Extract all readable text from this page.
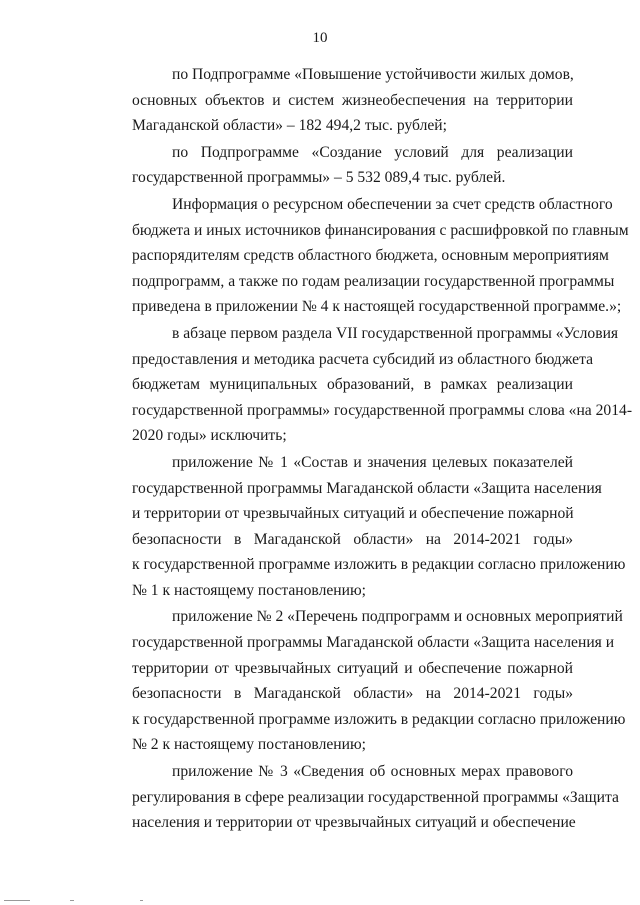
10
по Подпрограмме «Повышение устойчивости жилых домов,
основных объектов и систем жизнеобеспечения на территории
Магаданской области» – 182 494,2 тыс. рублей;
по Подпрограмме «Создание условий для реализации
государственной программы» – 5 532 089,4 тыс. рублей.
Информация о ресурсном обеспечении за счет средств областного
бюджета и иных источников финансирования с расшифровкой по главным
распорядителям средств областного бюджета, основным мероприятиям
подпрограмм, а также по годам реализации государственной программы
приведена в приложении № 4 к настоящей государственной программе.»;
в абзаце первом раздела VII государственной программы «Условия
предоставления и методика расчета субсидий из областного бюджета
бюджетам муниципальных образований, в рамках реализации
государственной программы» государственной программы слова «на 2014-
2020 годы» исключить;
приложение № 1 «Состав и значения целевых показателей
государственной программы Магаданской области «Защита населения
и территории от чрезвычайных ситуаций и обеспечение пожарной
безопасности в Магаданской области» на 2014-2021 годы»
к государственной программе изложить в редакции согласно приложению
№ 1 к настоящему постановлению;
приложение № 2 «Перечень подпрограмм и основных мероприятий
государственной программы Магаданской области «Защита населения и
территории от чрезвычайных ситуаций и обеспечение пожарной
безопасности в Магаданской области» на 2014-2021 годы»
к государственной программе изложить в редакции согласно приложению
№ 2 к настоящему постановлению;
приложение № 3 «Сведения об основных мерах правового
регулирования в сфере реализации государственной программы «Защита
населения и территории от чрезвычайных ситуаций и обеспечение
